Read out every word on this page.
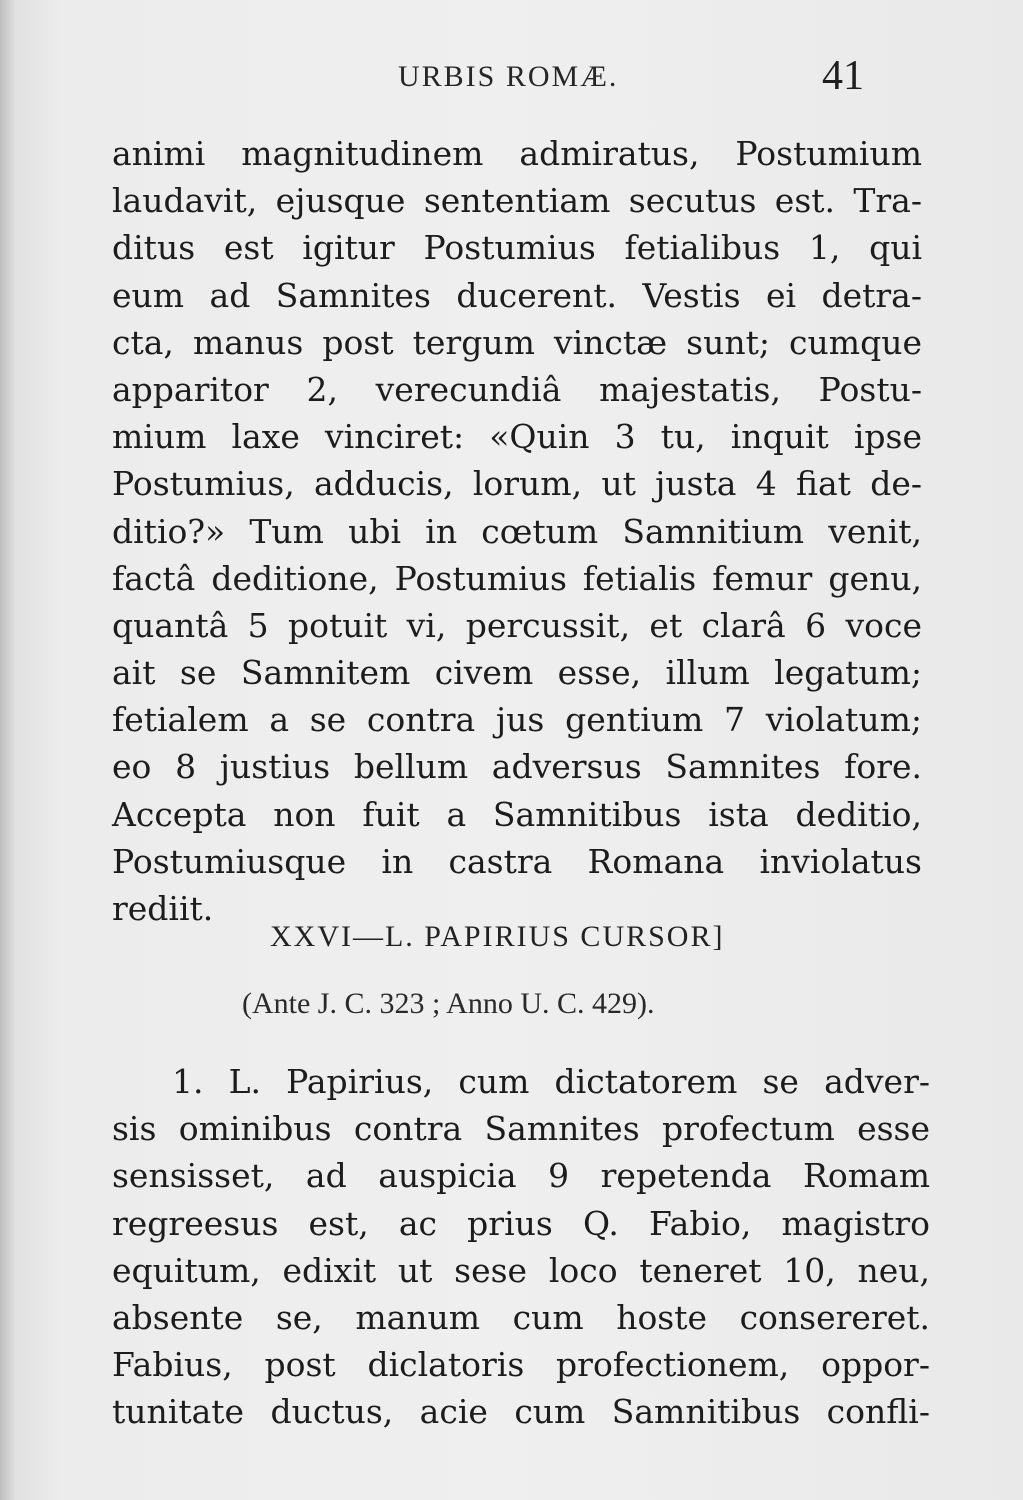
URBIS ROMÆ.	41
animi magnitudinem admiratus, Postumium
laudavit, ejusque sententiam secutus est. Tra-
ditus est igitur Postumius fetialibus 1, qui
eum ad Samnites ducerent. Vestis ei detra-
cta, manus post tergum vinctæ sunt; cumque
apparitor 2, verecundiâ majestatis, Postu-
mium laxe vinciret: «Quin 3 tu, inquit ipse
Postumius, adducis, lorum, ut justa 4 fiat de-
ditio?» Tum ubi in cœtum Samnitium venit,
factâ deditione, Postumius fetialis femur genu,
quantâ 5 potuit vi, percussit, et clarâ 6 voce
ait se Samnitem civem esse, illum legatum;
fetialem a se contra jus gentium 7 violatum;
eo 8 justius bellum adversus Samnites fore.
Accepta non fuit a Samnitibus ista deditio,
Postumiusque in castra Romana inviolatus
rediit.
XXVI—L. PAPIRIUS CURSOR]
(Ante J. C. 323 ; Anno U. C. 429).
1. L. Papirius, cum dictatorem se adver-
sis ominibus contra Samnites profectum esse
sensisset, ad auspicia 9 repetenda Romam
regreesus est, ac prius Q. Fabio, magistro
equitum, edixit ut sese loco teneret 10, neu,
absente se, manum cum hoste consereret.
Fabius, post diclatoris profectionem, oppor-
tunitate ductus, acie cum Samnitibus confli-
